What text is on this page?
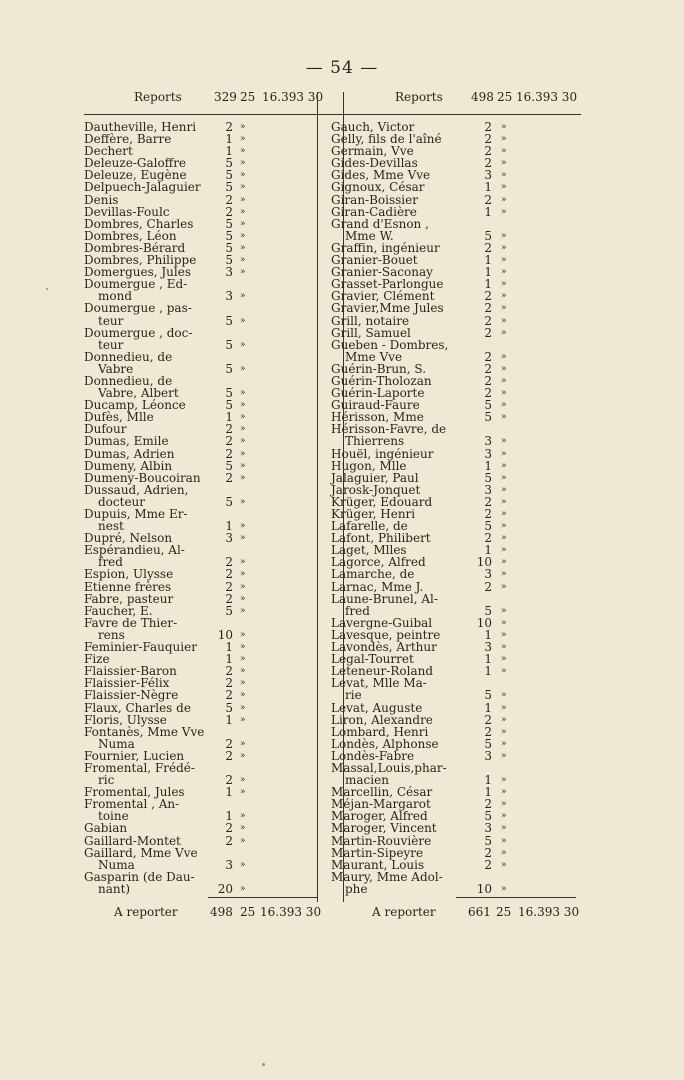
— 54 —
Reports	329 25 16.393 30
Dautheville, Henri	2 »
Deffère, Barre	1 »
Dechert	1 »
Deleuze-Galoffre	5 »
Deleuze, Eugène	5 »
Delpuech-Jalaguier	5 »
Denis	2 »
Devillas-Foulc	2 »
Dombres, Charles	5 »
Dombres, Léon	5 »
Dombres-Bérard	5 »
Dombres, Philippe	5 »
Domergues, Jules	3 »
Doumergue , Ed-
mond	3 »
Doumergue , pas-
teur	5 »
Doumergue , doc-
teur	5 »
Donnedieu, de
Vabre	5 »
Donnedieu, de
Vabre, Albert	5 »
Ducamp, Léonce	5 »
Dufès, Mlle	1 »
Dufour	2 »
Dumas, Emile	2 »
Dumas, Adrien	2 »
Dumeny, Albin	5 »
Dumeny-Boucoiran	2 »
Dussaud, Adrien,
docteur	5 »
Dupuis, Mme Er-
nest	1 »
Dupré, Nelson	3 »
Espérandieu, Al-
fred	2 »
Espion, Ulysse	2 »
Etienne frères	2 »
Fabre, pasteur	2 »
Faucher, E.	5 »
Favre de Thier-
rens	10 »
Feminier-Fauquier	1 »
Fize	1 »
Flaissier-Baron	2 »
Flaissier-Félix	2 »
Flaissier-Nègre	2 »
Flaux, Charles de	5 »
Floris, Ulysse	1 »
Fontanès, Mme Vve
Numa	2 »
Fournier, Lucien	2 »
Fromental, Frédé-
ric	2 »
Fromental, Jules	1 »
Fromental , An-
toine	1 »
Gabian	2 »
Gaillard-Montet	2 »
Gaillard, Mme Vve
Numa	3 »
Gasparin (de Dau-
nant)	20 »
Reports 498 25 16.393 30
Gauch, Victor	2 »
Gelly, fils de l'aîné	2 »
Germain, Vve	2 »
Gides-Devillas	2 »
Gides, Mme Vve	3 »
Gignoux, César	1 »
Giran-Boissier	2 »
Giran-Cadière	1 »
Grand d'Esnon ,
Mme W.	5 »
Graffin, ingénieur	2 »
Granier-Bouet	1 »
Granier-Saconay	1 »
Grasset-Parlongue	1 »
Gravier, Clément	2 »
Gravier,Mme Jules	2 »
Grill, notaire	2 »
Grill, Samuel	2 »
Gueben - Dombres,
Mme Vve	2 »
Guérin-Brun, S.	2 »
Guérin-Tholozan	2 »
Guérin-Laporte	2 »
Guiraud-Faure	5 »
Hérisson, Mme	5 »
Hérisson-Favre, de
Thierrens	3 »
Houël, ingénieur	3 »
Hugon, Mlle	1 »
Jalaguier, Paul	5 »
Jarosk-Jonquet	3 »
Krüger, Edouard	2 »
Krüger, Henri	2 »
Lafarelle, de	5 »
Lafont, Philibert	2 »
Laget, Mlles	1 »
Lagorce, Alfred	10 »
Lamarche, de	3 »
Larnac, Mme J.	2 »
Laune-Brunel, Al-
fred	5 »
Lavergne-Guibal	10 »
Lavesque, peintre	1 »
Lavondès, Arthur	3 »
Legal-Tourret	1 »
Leteneur-Roland	1 »
Levat, Mlle Ma-
rie	5 »
Levat, Auguste	1 »
Liron, Alexandre	2 »
Lombard, Henri	2 »
Londès, Alphonse	5 »
Londès-Fabre	3 »
Massal,Louis,phar-
macien	1 »
Marcellin, César	1 »
Méjan-Margarot	2 »
Maroger, Alfred	5 »
Maroger, Vincent	3 »
Martin-Rouvière	5 »
Martin-Sipeyre	2 »
Maurant, Louis	2 »
Maury, Mme Adol-
phe	10 »
A reporter	498 25 16.393 30	A reporter	661 25 16.393 30
